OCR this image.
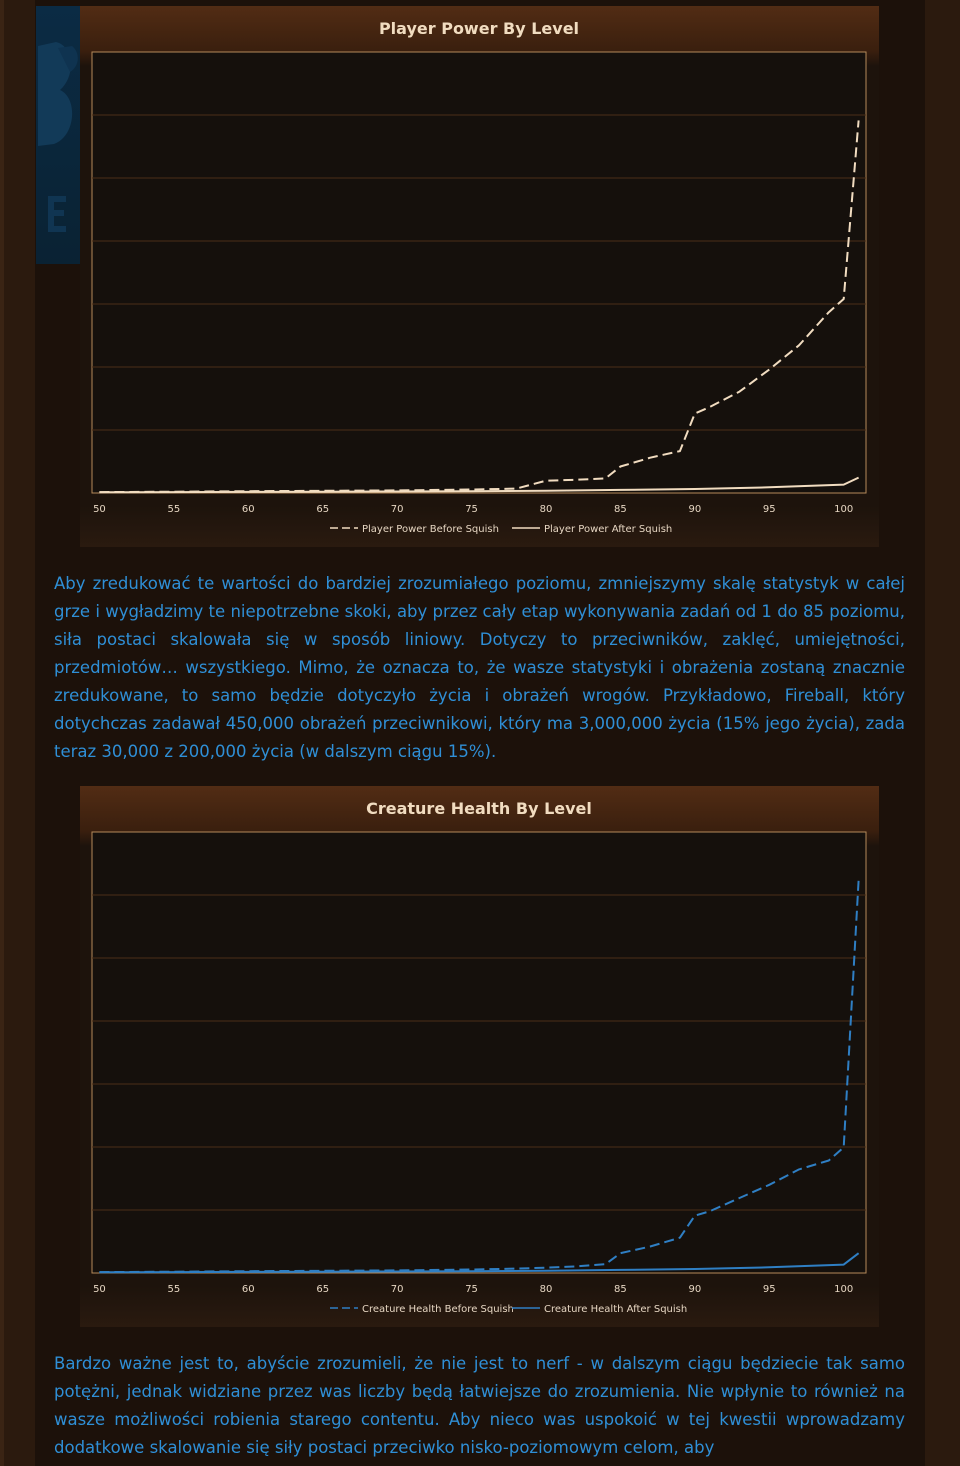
Player Power By Level
50	55	60	65	70	75	80	85	90	95	100
Player Power Before Squish	Player Power After Squish

Aby zredukować te wartości do bardziej zrozumiałego poziomu, zmniejszymy skalę statystyk w całej grze i wygładzimy te niepotrzebne skoki, aby przez cały etap wykonywania zadań od 1 do 85 poziomu, siła postaci skalowała się w sposób liniowy. Dotyczy to przeciwników, zaklęć, umiejętności, przedmiotów… wszystkiego. Mimo, że oznacza to, że wasze statystyki i obrażenia zostaną znacznie zredukowane, to samo będzie dotyczyło życia i obrażeń wrogów. Przykładowo, Fireball, który dotychczas zadawał 450,000 obrażeń przeciwnikowi, który ma 3,000,000 życia (15% jego życia), zada teraz 30,000 z 200,000 życia (w dalszym ciągu 15%).

Creature Health By Level
50	55	60	65	70	75	80	85	90	95	100
Creature Health Before Squish	Creature Health After Squish

Bardzo ważne jest to, abyście zrozumieli, że nie jest to nerf - w dalszym ciągu będziecie tak samo potężni, jednak widziane przez was liczby będą łatwiejsze do zrozumienia. Nie wpłynie to również na wasze możliwości robienia starego contentu. Aby nieco was uspokoić w tej kwestii wprowadzamy dodatkowe skalowanie się siły postaci przeciwko nisko-poziomowym celom, aby
